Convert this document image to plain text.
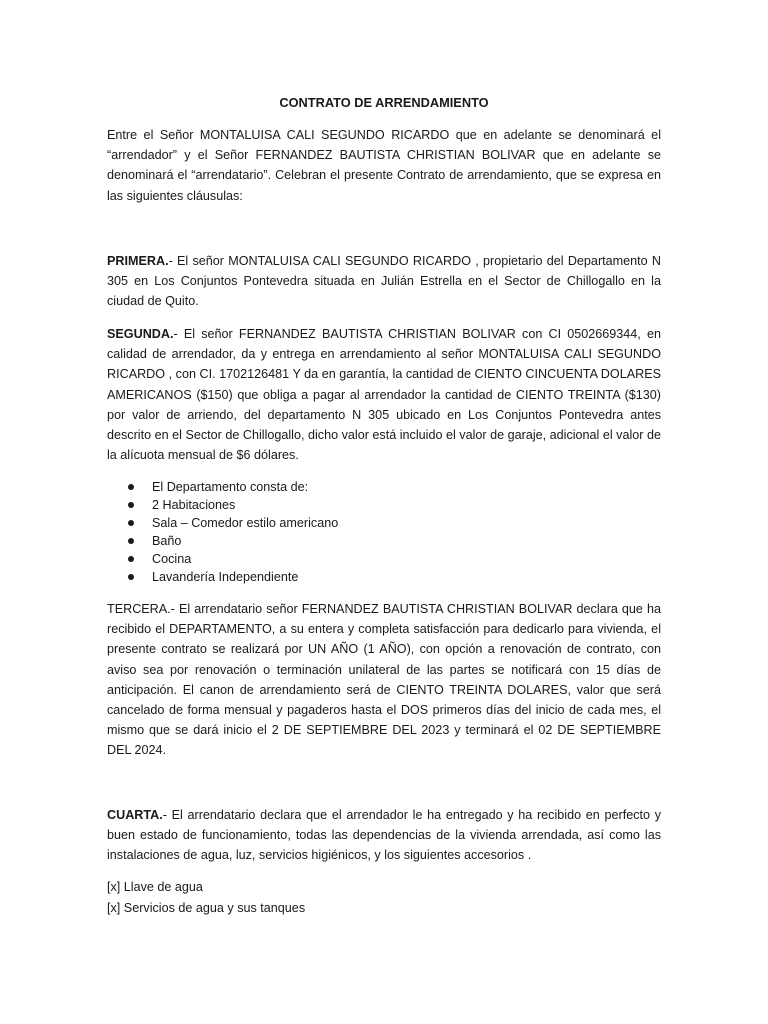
CONTRATO DE ARRENDAMIENTO

Entre el Señor MONTALUISA CALI SEGUNDO RICARDO que en adelante se denominará el “arrendador” y el Señor FERNANDEZ BAUTISTA CHRISTIAN BOLIVAR que en adelante se denominará el “arrendatario”. Celebran el presente Contrato de arrendamiento, que se expresa en las siguientes cláusulas:

PRIMERA.- El señor MONTALUISA CALI SEGUNDO RICARDO , propietario del Departamento N 305 en Los Conjuntos Pontevedra situada en Julián Estrella en el Sector de Chillogallo en la ciudad de Quito.

SEGUNDA.- El señor FERNANDEZ BAUTISTA CHRISTIAN BOLIVAR con CI 0502669344, en calidad de arrendador, da y entrega en arrendamiento al señor MONTALUISA CALI SEGUNDO RICARDO , con CI. 1702126481 Y da en garantía, la cantidad de CIENTO CINCUENTA DOLARES AMERICANOS ($150) que obliga a pagar al arrendador la cantidad de CIENTO TREINTA ($130) por valor de arriendo, del departamento N 305 ubicado en Los Conjuntos Pontevedra antes descrito en el Sector de Chillogallo, dicho valor está incluido el valor de garaje, adicional el valor de la alícuota mensual de $6 dólares.

El Departamento consta de:
2 Habitaciones
Sala – Comedor estilo americano
Baño
Cocina
Lavandería Independiente

TERCERA.- El arrendatario señor FERNANDEZ BAUTISTA CHRISTIAN BOLIVAR declara que ha recibido el DEPARTAMENTO, a su entera y completa satisfacción para dedicarlo para vivienda, el presente contrato se realizará por UN AÑO (1 AÑO), con opción a renovación de contrato, con aviso sea por renovación o terminación unilateral de las partes se notificará con 15 días de anticipación. El canon de arrendamiento será de CIENTO TREINTA DOLARES, valor que será cancelado de forma mensual y pagaderos hasta el DOS primeros días del inicio de cada mes, el mismo que se dará inicio el 2 DE SEPTIEMBRE DEL 2023 y terminará el 02 DE SEPTIEMBRE DEL 2024.

CUARTA.- El arrendatario declara que el arrendador le ha entregado y ha recibido en perfecto y buen estado de funcionamiento, todas las dependencias de la vivienda arrendada, así como las instalaciones de agua, luz, servicios higiénicos, y los siguientes accesorios .

[x] Llave de agua
[x] Servicios de agua y sus tanques
